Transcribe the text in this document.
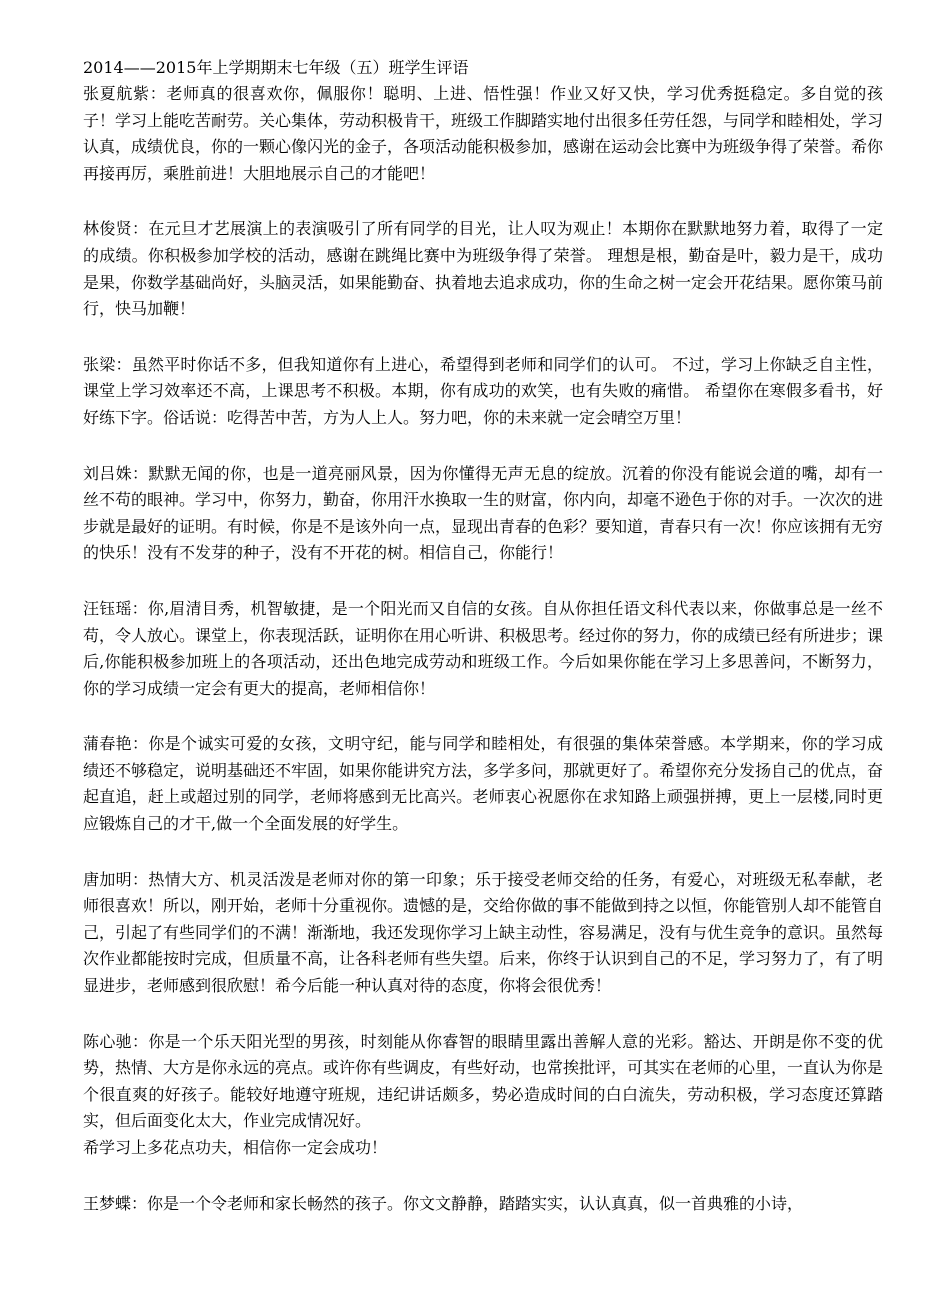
2014——2015年上学期期末七年级（五）班学生评语

张夏航紫：老师真的很喜欢你，佩服你！聪明、上进、悟性强！作业又好又快，学习优秀挺稳定。多自觉的孩子！学习上能吃苦耐劳。关心集体，劳动积极肯干，班级工作脚踏实地付出很多任劳任怨，与同学和睦相处，学习认真，成绩优良，你的一颗心像闪光的金子，各项活动能积极参加，感谢在运动会比赛中为班级争得了荣誉。希你再接再厉，乘胜前进！大胆地展示自己的才能吧！

林俊贤：在元旦才艺展演上的表演吸引了所有同学的目光，让人叹为观止！本期你在默默地努力着，取得了一定的成绩。你积极参加学校的活动，感谢在跳绳比赛中为班级争得了荣誉。 理想是根，勤奋是叶，毅力是干，成功是果，你数学基础尚好，头脑灵活，如果能勤奋、执着地去追求成功，你的生命之树一定会开花结果。愿你策马前行，快马加鞭！

张梁：虽然平时你话不多，但我知道你有上进心，希望得到老师和同学们的认可。 不过，学习上你缺乏自主性，课堂上学习效率还不高，上课思考不积极。本期，你有成功的欢笑，也有失败的痛惜。 希望你在寒假多看书，好好练下字。俗话说：吃得苦中苦，方为人上人。努力吧，你的未来就一定会晴空万里！

刘吕姝：默默无闻的你，也是一道亮丽风景，因为你懂得无声无息的绽放。沉着的你没有能说会道的嘴，却有一丝不苟的眼神。学习中，你努力，勤奋，你用汗水换取一生的财富，你内向，却毫不逊色于你的对手。一次次的进步就是最好的证明。有时候，你是不是该外向一点，显现出青春的色彩？要知道，青春只有一次！你应该拥有无穷的快乐！没有不发芽的种子，没有不开花的树。相信自己，你能行！

汪钰瑶：你,眉清目秀，机智敏捷，是一个阳光而又自信的女孩。自从你担任语文科代表以来，你做事总是一丝不苟，令人放心。课堂上，你表现活跃，证明你在用心听讲、积极思考。经过你的努力，你的成绩已经有所进步；课后,你能积极参加班上的各项活动，还出色地完成劳动和班级工作。今后如果你能在学习上多思善问，不断努力，你的学习成绩一定会有更大的提高，老师相信你！

蒲春艳：你是个诚实可爱的女孩，文明守纪，能与同学和睦相处，有很强的集体荣誉感。本学期来，你的学习成绩还不够稳定，说明基础还不牢固，如果你能讲究方法，多学多问，那就更好了。希望你充分发扬自己的优点，奋起直追，赶上或超过别的同学，老师将感到无比高兴。老师衷心祝愿你在求知路上顽强拼搏，更上一层楼,同时更应锻炼自己的才干,做一个全面发展的好学生。

唐加明：热情大方、机灵活泼是老师对你的第一印象；乐于接受老师交给的任务，有爱心，对班级无私奉献，老师很喜欢！所以，刚开始，老师十分重视你。遗憾的是，交给你做的事不能做到持之以恒，你能管别人却不能管自己，引起了有些同学们的不满！渐渐地，我还发现你学习上缺主动性，容易满足，没有与优生竞争的意识。虽然每次作业都能按时完成，但质量不高，让各科老师有些失望。后来，你终于认识到自己的不足，学习努力了，有了明显进步，老师感到很欣慰！希今后能一种认真对待的态度，你将会很优秀！

陈心驰：你是一个乐天阳光型的男孩，时刻能从你睿智的眼睛里露出善解人意的光彩。豁达、开朗是你不变的优势，热情、大方是你永远的亮点。或许你有些调皮，有些好动，也常挨批评，可其实在老师的心里，一直认为你是个很直爽的好孩子。能较好地遵守班规，违纪讲话颇多，势必造成时间的白白流失，劳动积极，学习态度还算踏实，但后面变化太大，作业完成情况好。

希学习上多花点功夫，相信你一定会成功！

王梦蝶：你是一个令老师和家长畅然的孩子。你文文静静，踏踏实实，认认真真，似一首典雅的小诗，
